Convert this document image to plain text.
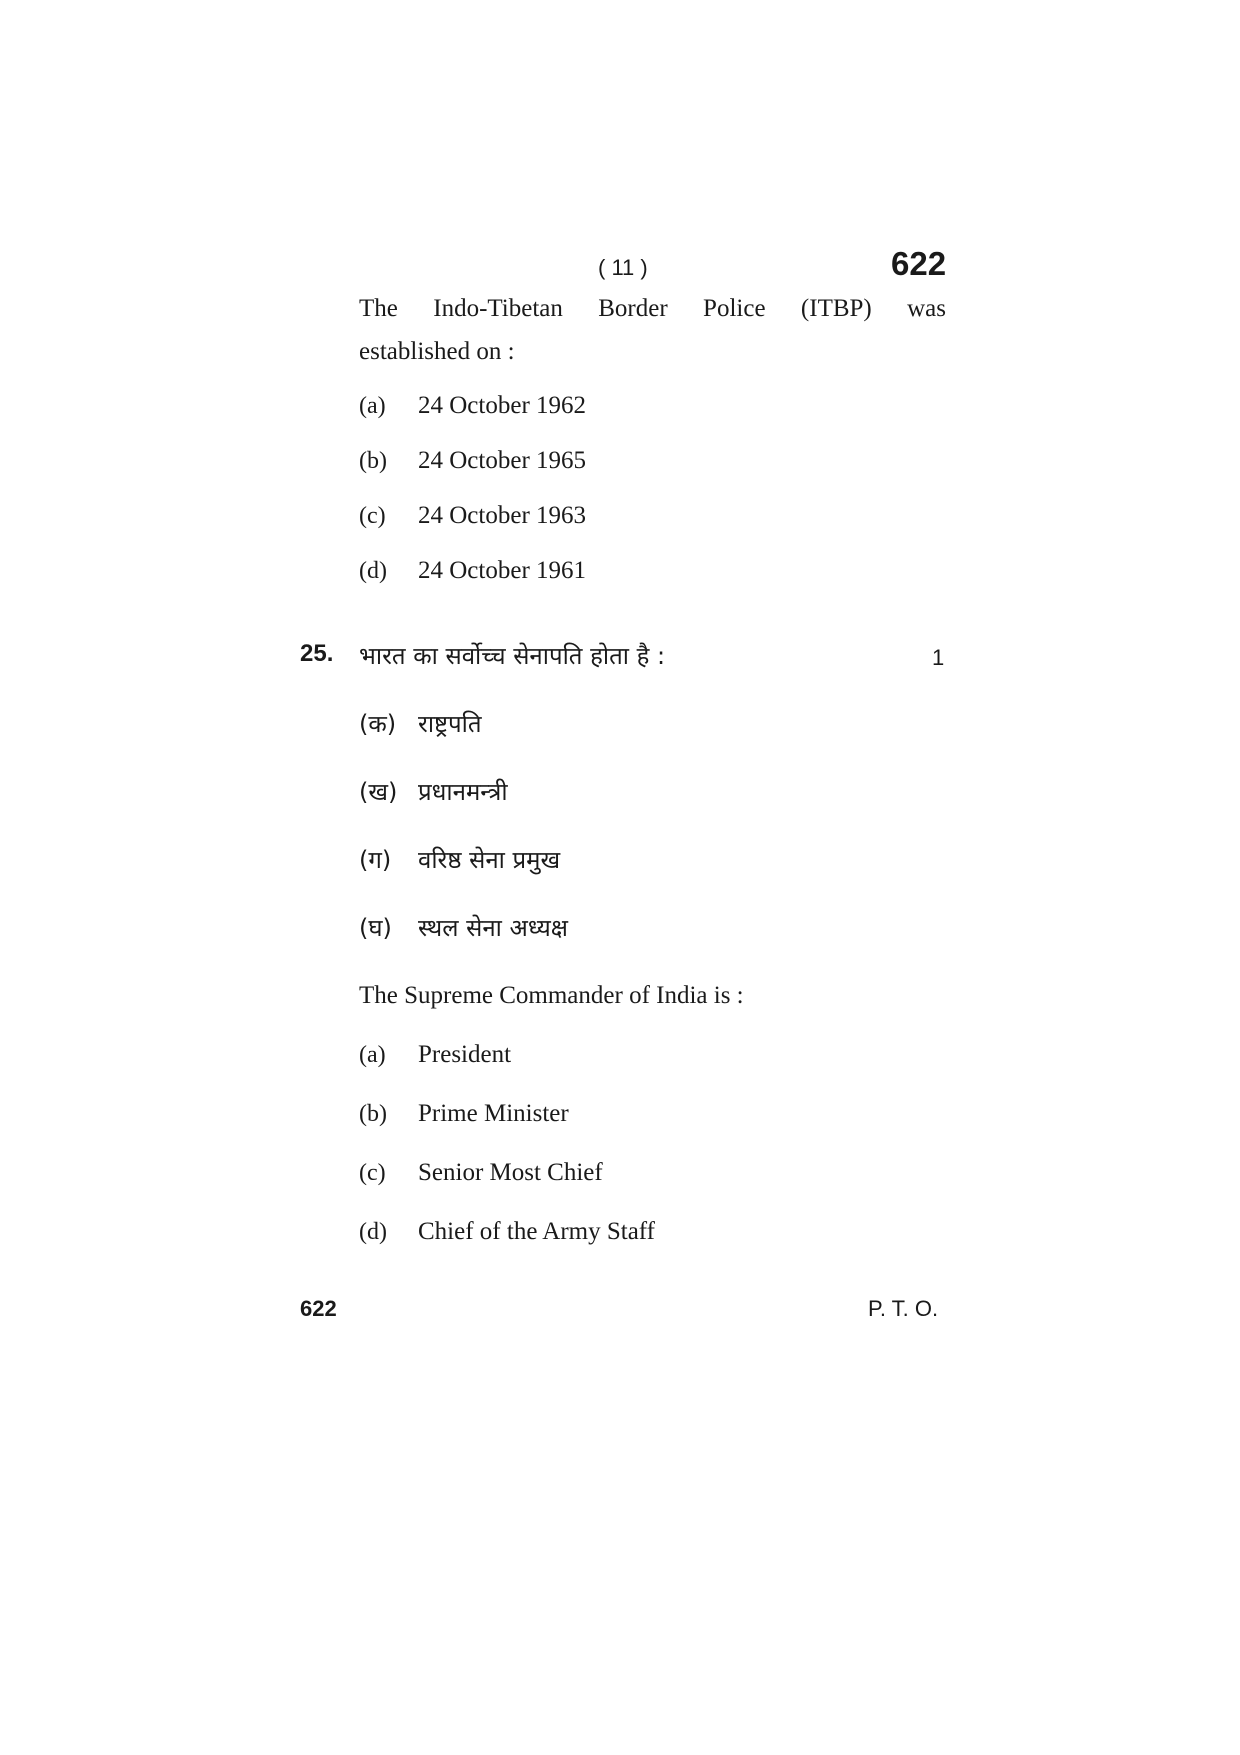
( 11 )	622
The Indo-Tibetan Border Police (ITBP) was
established on :
(a) 24 October 1962
(b) 24 October 1965
(c) 24 October 1963
(d) 24 October 1961
25. भारत का सर्वोच्च सेनापति होता है :	1
(क) राष्ट्रपति
(ख) प्रधानमन्त्री
(ग) वरिष्ठ सेना प्रमुख
(घ) स्थल सेना अध्यक्ष
The Supreme Commander of India is :
(a) President
(b) Prime Minister
(c) Senior Most Chief
(d) Chief of the Army Staff
622	P. T. O.
